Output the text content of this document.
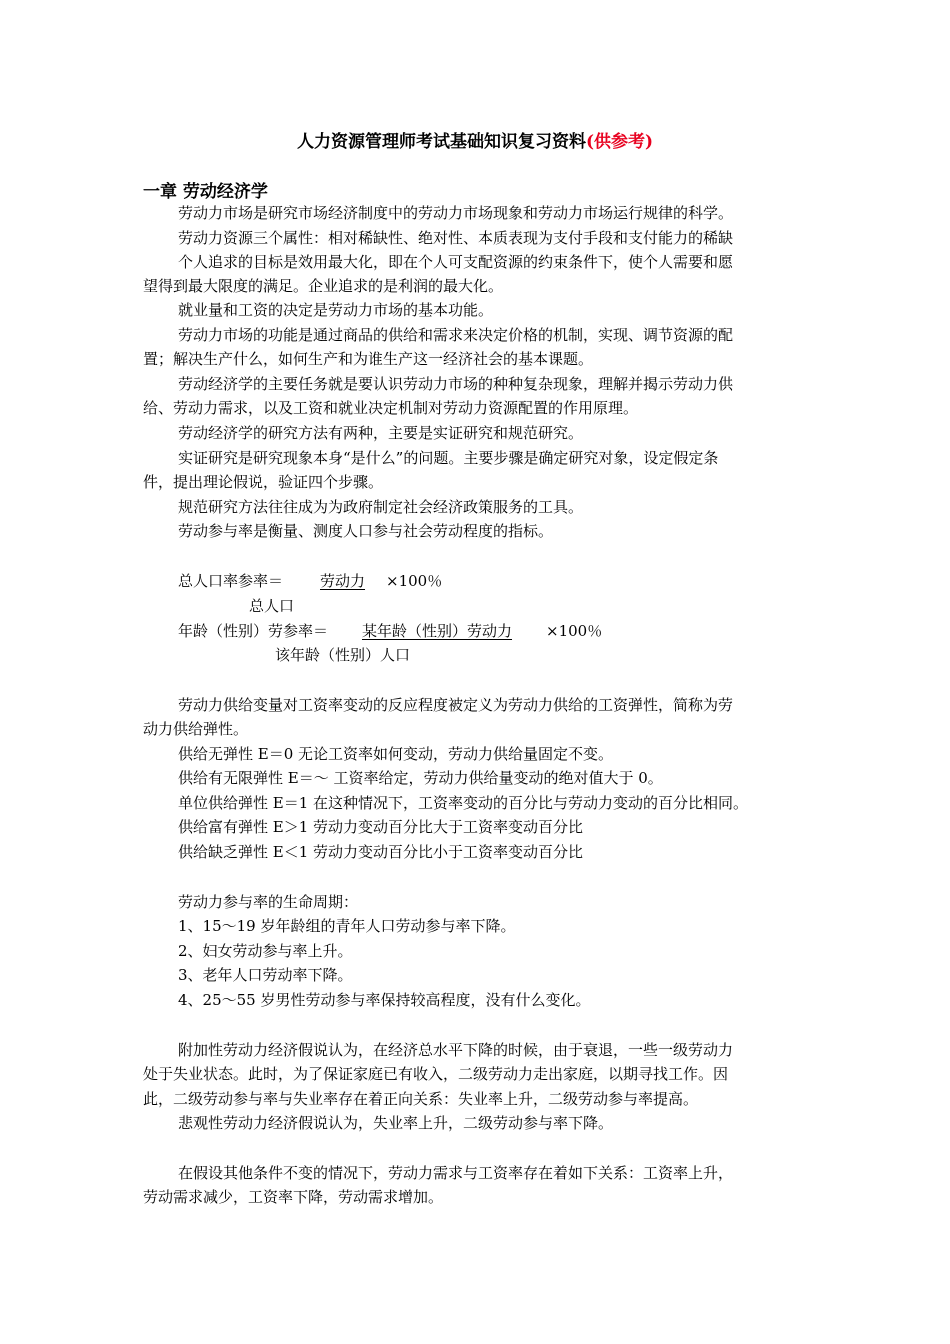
人力资源管理师考试基础知识复习资料(供参考)
一章 劳动经济学
劳动力市场是研究市场经济制度中的劳动力市场现象和劳动力市场运行规律的科学。
劳动力资源三个属性：相对稀缺性、绝对性、本质表现为支付手段和支付能力的稀缺
个人追求的目标是效用最大化，即在个人可支配资源的约束条件下，使个人需要和愿
望得到最大限度的满足。企业追求的是利润的最大化。
就业量和工资的决定是劳动力市场的基本功能。
劳动力市场的功能是通过商品的供给和需求来决定价格的机制，实现、调节资源的配
置；解决生产什么，如何生产和为谁生产这一经济社会的基本课题。
劳动经济学的主要任务就是要认识劳动力市场的种种复杂现象，理解并揭示劳动力供
给、劳动力需求，以及工资和就业决定机制对劳动力资源配置的作用原理。
劳动经济学的研究方法有两种，主要是实证研究和规范研究。
实证研究是研究现象本身“是什么”的问题。主要步骤是确定研究对象，设定假定条
件，提出理论假说，验证四个步骤。
规范研究方法往往成为为政府制定社会经济政策服务的工具。
劳动参与率是衡量、测度人口参与社会劳动程度的指标。
总人口率参率＝ 劳动力 ×100％
总人口
年龄（性别）劳参率＝ 某年龄（性别）劳动力 ×100％
该年龄（性别）人口
劳动力供给变量对工资率变动的反应程度被定义为劳动力供给的工资弹性，简称为劳
动力供给弹性。
供给无弹性 E＝0 无论工资率如何变动，劳动力供给量固定不变。
供给有无限弹性 E＝～ 工资率给定，劳动力供给量变动的绝对值大于 0。
单位供给弹性 E＝1 在这种情况下，工资率变动的百分比与劳动力变动的百分比相同。
供给富有弹性 E＞1 劳动力变动百分比大于工资率变动百分比
供给缺乏弹性 E＜1 劳动力变动百分比小于工资率变动百分比
劳动力参与率的生命周期：
1、15～19 岁年龄组的青年人口劳动参与率下降。
2、妇女劳动参与率上升。
3、老年人口劳动率下降。
4、25～55 岁男性劳动参与率保持较高程度，没有什么变化。
附加性劳动力经济假说认为，在经济总水平下降的时候，由于衰退，一些一级劳动力
处于失业状态。此时，为了保证家庭已有收入，二级劳动力走出家庭，以期寻找工作。因
此，二级劳动参与率与失业率存在着正向关系：失业率上升，二级劳动参与率提高。
悲观性劳动力经济假说认为，失业率上升，二级劳动参与率下降。
在假设其他条件不变的情况下，劳动力需求与工资率存在着如下关系：工资率上升，
劳动需求减少，工资率下降，劳动需求增加。
